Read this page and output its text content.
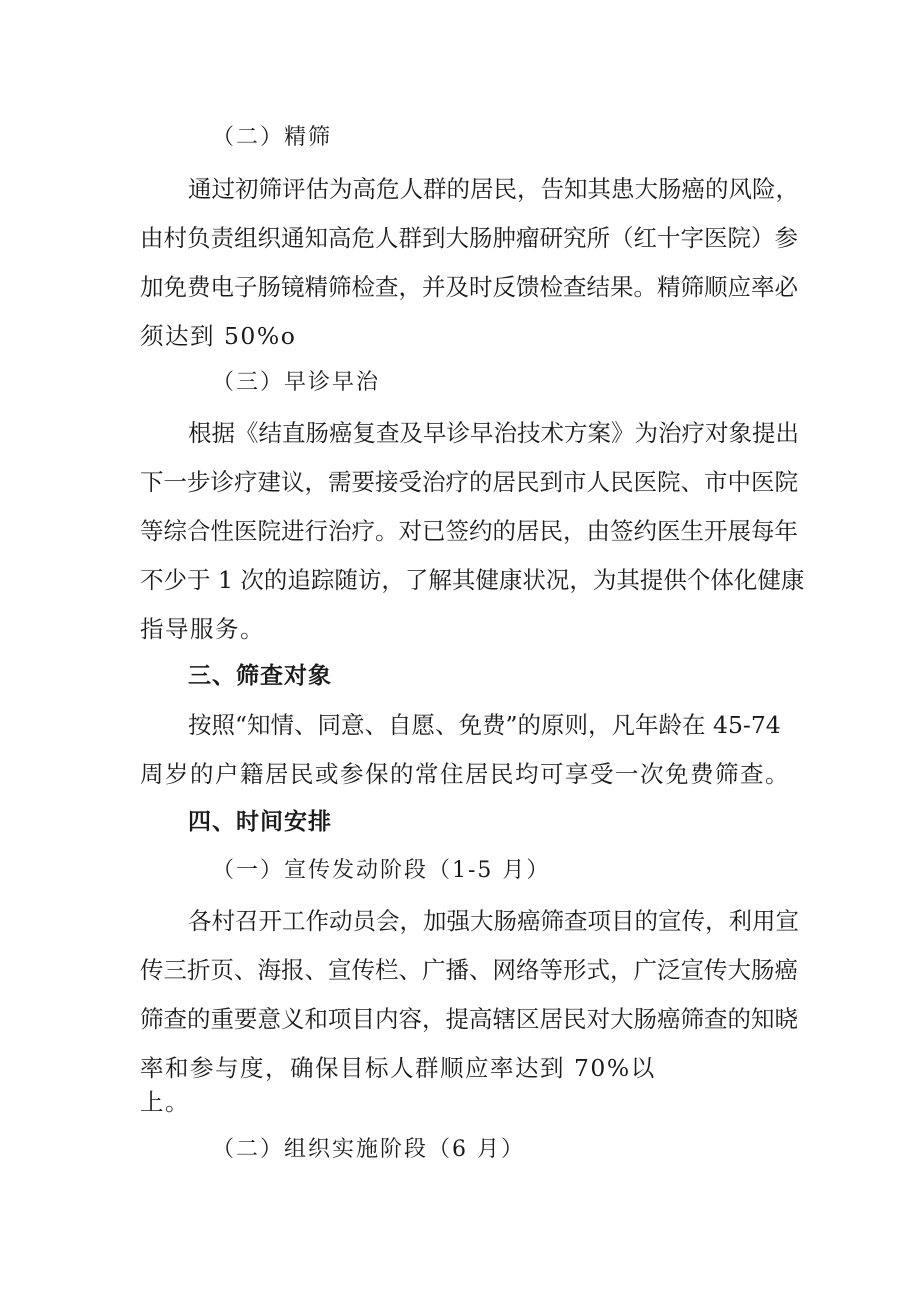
（二）精筛
通过初筛评估为高危人群的居民，告知其患大肠癌的风险，
由村负责组织通知高危人群到大肠肿瘤研究所（红十字医院）参
加免费电子肠镜精筛检查，并及时反馈检查结果。精筛顺应率必
须达到 50%o
（三）早诊早治
根据《结直肠癌复查及早诊早治技术方案》为治疗对象提出
下一步诊疗建议，需要接受治疗的居民到市人民医院、市中医院
等综合性医院进行治疗。对已签约的居民，由签约医生开展每年
不少于 1 次的追踪随访，了解其健康状况，为其提供个体化健康
指导服务。
三、筛查对象
按照“知情、同意、自愿、免费”的原则，凡年龄在 45-74
周岁的户籍居民或参保的常住居民均可享受一次免费筛查。
四、时间安排
（一）宣传发动阶段（1-5 月）
各村召开工作动员会，加强大肠癌筛查项目的宣传，利用宣
传三折页、海报、宣传栏、广播、网络等形式，广泛宣传大肠癌
筛查的重要意义和项目内容，提高辖区居民对大肠癌筛查的知晓
率和参与度，确保目标人群顺应率达到 70%以
上。
（二）组织实施阶段（6 月）
